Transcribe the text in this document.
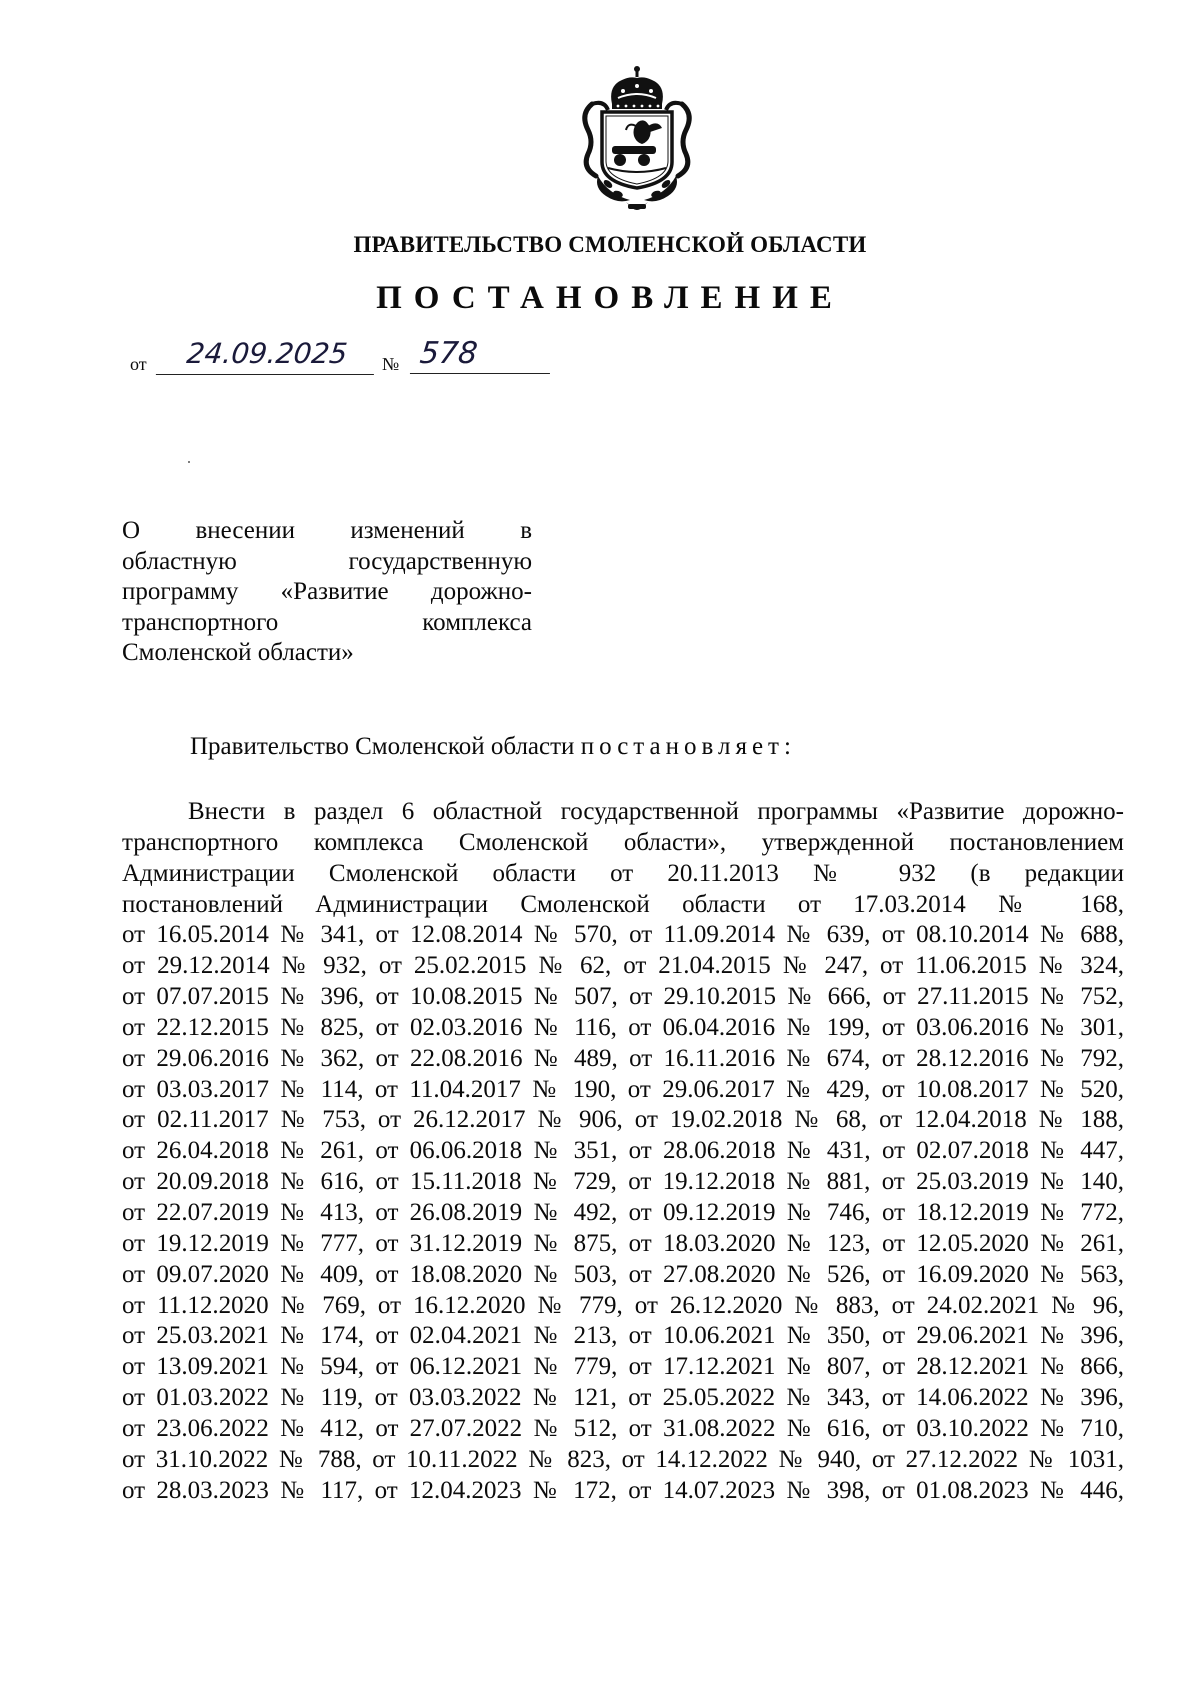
ПРАВИТЕЛЬСТВО СМОЛЕНСКОЙ ОБЛАСТИ
ПОСТАНОВЛЕНИЕ
от	24.09.2025	№ 578
О внесении изменений в
областную государственную
программу «Развитие дорожно-
транспортного комплекса
Смоленской области»
Правительство Смоленской области постановляет:
Внести в раздел 6 областной государственной программы «Развитие дорожно-
транспортного комплекса Смоленской области», утвержденной постановлением
Администрации Смоленской области от 20.11.2013 № 932 (в редакции
постановлений Администрации Смоленской области от 17.03.2014 № 168,
от 16.05.2014 № 341, от 12.08.2014 № 570, от 11.09.2014 № 639, от 08.10.2014 № 688,
от 29.12.2014 № 932, от 25.02.2015 № 62, от 21.04.2015 № 247, от 11.06.2015 № 324,
от 07.07.2015 № 396, от 10.08.2015 № 507, от 29.10.2015 № 666, от 27.11.2015 № 752,
от 22.12.2015 № 825, от 02.03.2016 № 116, от 06.04.2016 № 199, от 03.06.2016 № 301,
от 29.06.2016 № 362, от 22.08.2016 № 489, от 16.11.2016 № 674, от 28.12.2016 № 792,
от 03.03.2017 № 114, от 11.04.2017 № 190, от 29.06.2017 № 429, от 10.08.2017 № 520,
от 02.11.2017 № 753, от 26.12.2017 № 906, от 19.02.2018 № 68, от 12.04.2018 № 188,
от 26.04.2018 № 261, от 06.06.2018 № 351, от 28.06.2018 № 431, от 02.07.2018 № 447,
от 20.09.2018 № 616, от 15.11.2018 № 729, от 19.12.2018 № 881, от 25.03.2019 № 140,
от 22.07.2019 № 413, от 26.08.2019 № 492, от 09.12.2019 № 746, от 18.12.2019 № 772,
от 19.12.2019 № 777, от 31.12.2019 № 875, от 18.03.2020 № 123, от 12.05.2020 № 261,
от 09.07.2020 № 409, от 18.08.2020 № 503, от 27.08.2020 № 526, от 16.09.2020 № 563,
от 11.12.2020 № 769, от 16.12.2020 № 779, от 26.12.2020 № 883, от 24.02.2021 № 96,
от 25.03.2021 № 174, от 02.04.2021 № 213, от 10.06.2021 № 350, от 29.06.2021 № 396,
от 13.09.2021 № 594, от 06.12.2021 № 779, от 17.12.2021 № 807, от 28.12.2021 № 866,
от 01.03.2022 № 119, от 03.03.2022 № 121, от 25.05.2022 № 343, от 14.06.2022 № 396,
от 23.06.2022 № 412, от 27.07.2022 № 512, от 31.08.2022 № 616, от 03.10.2022 № 710,
от 31.10.2022 № 788, от 10.11.2022 № 823, от 14.12.2022 № 940, от 27.12.2022 № 1031,
от 28.03.2023 № 117, от 12.04.2023 № 172, от 14.07.2023 № 398, от 01.08.2023 № 446,
